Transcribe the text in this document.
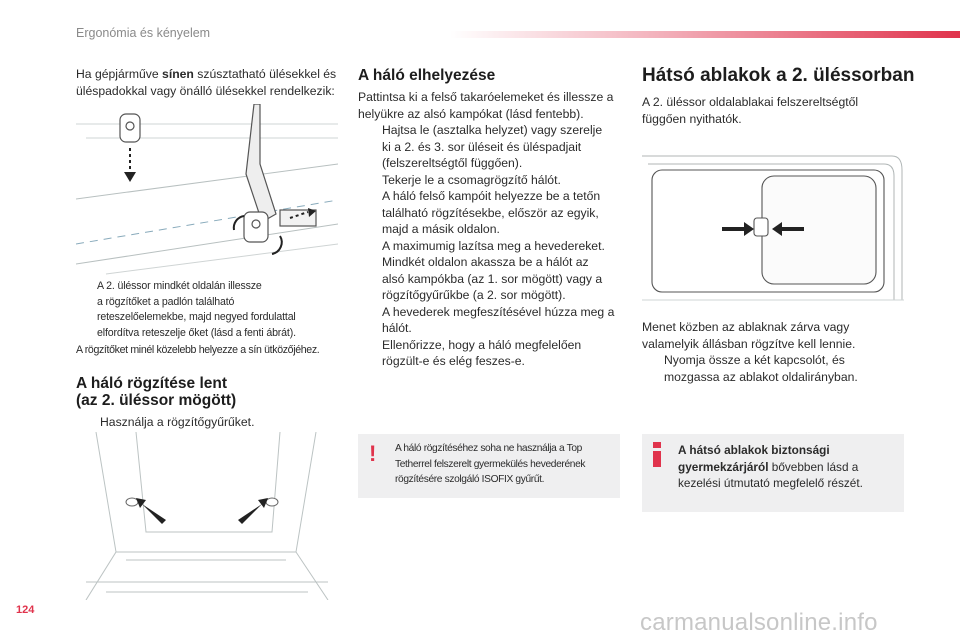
Ergonómia és kényelem
Ha gépjárműve sínen szúsztatható ülésekkel és
üléspadokkal vagy önálló ülésekkel rendelkezik:
A 2. üléssor mindkét oldalán illessze
a rögzítőket a padlón található
reteszelőelemekbe, majd negyed fordulattal
elfordítva reteszelje őket (lásd a fenti ábrát).
A rögzítőket minél közelebb helyezze a sín ütközőjéhez.
A háló rögzítése lent
(az 2. üléssor mögött)
Használja a rögzítőgyűrűket.
A háló elhelyezése
Pattintsa ki a felső takaróelemeket és illessze a
helyükre az alsó kampókat (lásd fentebb).
Hajtsa le (asztalka helyzet) vagy szerelje
ki a 2. és 3. sor üléseit és üléspadjait
(felszereltségtől függően).
Tekerje le a csomagrögzítő hálót.
A háló felső kampóit helyezze be a tetőn
található rögzítésekbe, először az egyik,
majd a másik oldalon.
A maximumig lazítsa meg a hevedereket.
Mindkét oldalon akassza be a hálót az
alsó kampókba (az 1. sor mögött) vagy a
rögzítőgyűrűkbe (a 2. sor mögött).
A hevederek megfeszítésével húzza meg a
hálót.
Ellenőrizze, hogy a háló megfelelően
rögzült-e és elég feszes-e.
! A háló rögzítéséhez soha ne használja a Top
Tetherrel felszerelt gyermekülés hevederének
rögzítésére szolgáló ISOFIX gyűrűt.
Hátsó ablakok a 2. üléssorban
A 2. üléssor oldalablakai felszereltségtől
függően nyithatók.
Menet közben az ablaknak zárva vagy
valamelyik állásban rögzítve kell lennie.
Nyomja össze a két kapcsolót, és
mozgassa az ablakot oldalirányban.
A hátsó ablakok biztonsági
gyermekzárjáról bővebben lásd a
kezelési útmutató megfelelő részét.
124	carmanualsonline.info
